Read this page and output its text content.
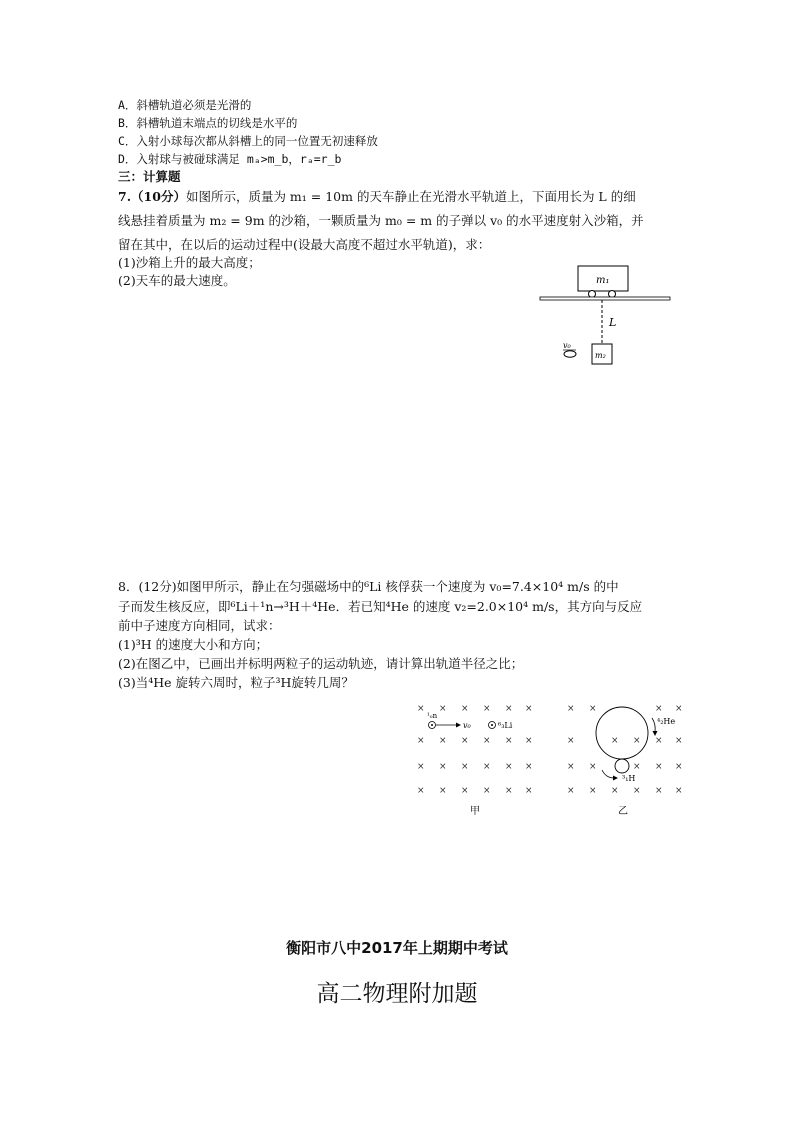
A．斜槽轨道必须是光滑的
B．斜槽轨道末端点的切线是水平的
C．入射小球每次都从斜槽上的同一位置无初速释放
D．入射球与被碰球满足 mₐ>m_b，rₐ=r_b
三：计算题
7.（10分）如图所示，质量为 m₁ = 10m 的天车静止在光滑水平轨道上，下面用长为 L 的细
线悬挂着质量为 m₂ = 9m 的沙箱，一颗质量为 m₀ = m 的子弹以 v₀ 的水平速度射入沙箱，并
留在其中，在以后的运动过程中(设最大高度不超过水平轨道)，求：
(1)沙箱上升的最大高度；
(2)天车的最大速度。	m₁
L
m₂
v₀
8．(12分)如图甲所示，静止在匀强磁场中的⁶Li 核俘获一个速度为 v₀=7.4×10⁴ m/s 的中
子而发生核反应，即⁶Li＋¹n→³H＋⁴He．若已知⁴He 的速度 v₂=2.0×10⁴ m/s，其方向与反应
前中子速度方向相同，试求：
(1)³H 的速度大小和方向；
(2)在图乙中，已画出并标明两粒子的运动轨迹，请计算出轨道半径之比；
(3)当⁴He 旋转六周时，粒子³H旋转几周？
× × × × × ×
× × × × × ×
× × × × × ×
× × × × × ×
¹₀n
v₀	⁶₃Li
甲
× ×	× ×
×	× × × ×
× ×	× × ×
× × × × × ×
⁴₂He
³₁H
乙
衡阳市八中2017年上期期中考试
高二物理附加题
